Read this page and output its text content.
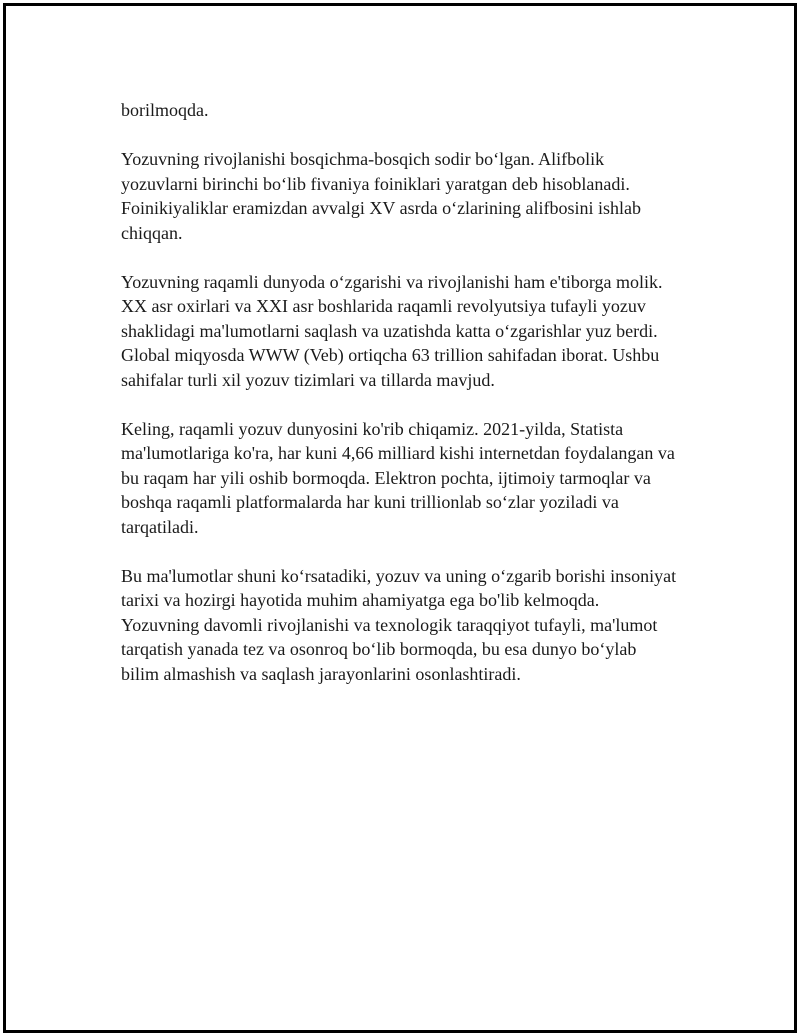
borilmoqda.

Yozuvning rivojlanishi bosqichma-bosqich sodir boʻlgan. Alifbolik
yozuvlarni birinchi boʻlib fivaniya foiniklari yaratgan deb hisoblanadi.
Foinikiyaliklar eramizdan avvalgi XV asrda oʻzlarining alifbosini ishlab
chiqqan.

Yozuvning raqamli dunyoda oʻzgarishi va rivojlanishi ham e'tiborga molik.
XX asr oxirlari va XXI asr boshlarida raqamli revolyutsiya tufayli yozuv
shaklidagi ma'lumotlarni saqlash va uzatishda katta oʻzgarishlar yuz berdi.
Global miqyosda WWW (Veb) ortiqcha 63 trillion sahifadan iborat. Ushbu
sahifalar turli xil yozuv tizimlari va tillarda mavjud.

Keling, raqamli yozuv dunyosini ko'rib chiqamiz. 2021-yilda, Statista
ma'lumotlariga ko'ra, har kuni 4,66 milliard kishi internetdan foydalangan va
bu raqam har yili oshib bormoqda. Elektron pochta, ijtimoiy tarmoqlar va
boshqa raqamli platformalarda har kuni trillionlab soʻzlar yoziladi va
tarqatiladi.

Bu ma'lumotlar shuni koʻrsatadiki, yozuv va uning oʻzgarib borishi insoniyat
tarixi va hozirgi hayotida muhim ahamiyatga ega bo'lib kelmoqda.
Yozuvning davomli rivojlanishi va texnologik taraqqiyot tufayli, ma'lumot
tarqatish yanada tez va osonroq boʻlib bormoqda, bu esa dunyo boʻylab
bilim almashish va saqlash jarayonlarini osonlashtiradi.
